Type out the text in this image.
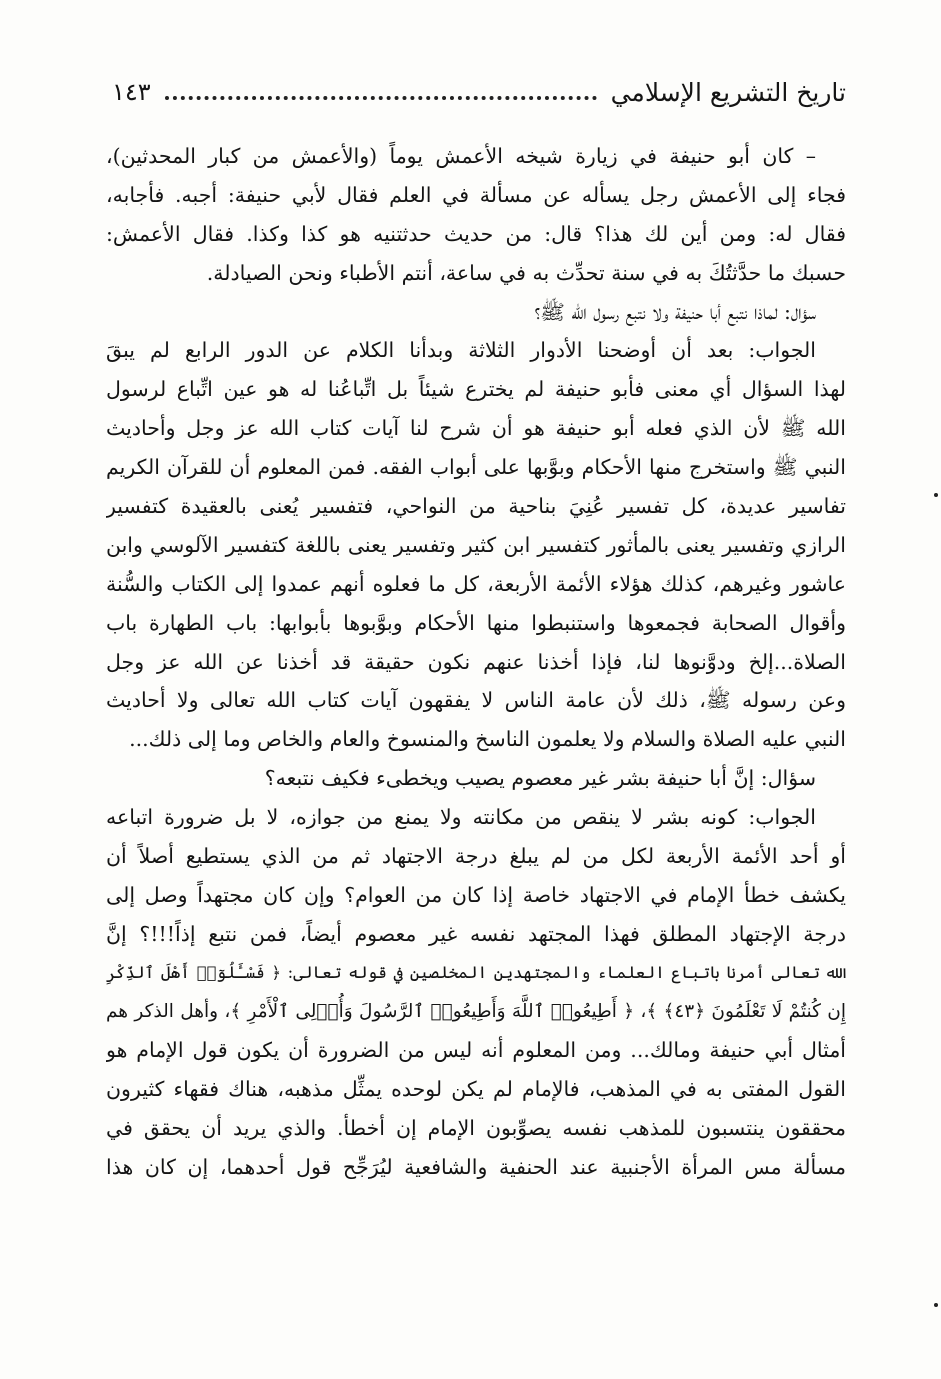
تاريخ التشريع الإسلامي
١٤٣
– كان أبو حنيفة في زيارة شيخه الأعمش يوماً (والأعمش من كبار المحدثين)،
فجاء إلى الأعمش رجل يسأله عن مسألة في العلم فقال لأبي حنيفة: أجبه. فأجابه،
فقال له: ومن أين لك هذا؟ قال: من حديث حدثتنيه هو كذا وكذا. فقال الأعمش:
حسبك ما حدَّثتُكَ به في سنة تحدِّث به في ساعة، أنتم الأطباء ونحن الصيادلة.
سؤال: لماذا نتبع أبا حنيفة ولا نتبع رسول الله ﷺ؟
الجواب: بعد أن أوضحنا الأدوار الثلاثة وبدأنا الكلام عن الدور الرابع لم يبقَ
لهذا السؤال أي معنى فأبو حنيفة لم يخترع شيئاً بل اتِّباعُنا له هو عين اتِّباع لرسول
الله ﷺ لأن الذي فعله أبو حنيفة هو أن شرح لنا آيات كتاب الله عز وجل وأحاديث
النبي ﷺ واستخرج منها الأحكام وبوَّبها على أبواب الفقه. فمن المعلوم أن للقرآن الكريم
تفاسير عديدة، كل تفسير عُنِيَ بناحية من النواحي، فتفسير يُعنى بالعقيدة كتفسير
الرازي وتفسير يعنى بالمأثور كتفسير ابن كثير وتفسير يعنى باللغة كتفسير الآلوسي وابن
عاشور وغيرهم، كذلك هؤلاء الأئمة الأربعة، كل ما فعلوه أنهم عمدوا إلى الكتاب والسُّنة
وأقوال الصحابة فجمعوها واستنبطوا منها الأحكام وبوَّبوها بأبوابها: باب الطهارة باب
الصلاة...إلخ ودوَّنوها لنا، فإذا أخذنا عنهم نكون حقيقة قد أخذنا عن الله عز وجل
وعن رسوله ﷺ، ذلك لأن عامة الناس لا يفقهون آيات كتاب الله تعالى ولا أحاديث
النبي عليه الصلاة والسلام ولا يعلمون الناسخ والمنسوخ والعام والخاص وما إلى ذلك...
سؤال: إنَّ أبا حنيفة بشر غير معصوم يصيب ويخطىء فكيف نتبعه؟
الجواب: كونه بشر لا ينقص من مكانته ولا يمنع من جوازه، لا بل ضرورة اتباعه
أو أحد الأئمة الأربعة لكل من لم يبلغ درجة الاجتهاد ثم من الذي يستطيع أصلاً أن
يكشف خطأ الإمام في الاجتهاد خاصة إذا كان من العوام؟ وإن كان مجتهداً وصل إلى
درجة الإجتهاد المطلق فهذا المجتهد نفسه غير معصوم أيضاً، فمن نتبع إذاً!!!؟ إنَّ
الله تعالى أمرنا باتباع العلماء والمجتهدين المخلصين في قوله تعالى: ﴿ فَسْـَٔلُوٓا۟ أَهْلَ ٱلذِّكْرِ
إِن كُنتُمْ لَا تَعْلَمُونَ ﴿٤٣﴾ ﴾، ﴿ أَطِيعُوا۟ ٱللَّهَ وَأَطِيعُوا۟ ٱلرَّسُولَ وَأُو۟لِى ٱلْأَمْرِ ﴾، وأهل الذكر هم
أمثال أبي حنيفة ومالك... ومن المعلوم أنه ليس من الضرورة أن يكون قول الإمام هو
القول المفتى به في المذهب، فالإمام لم يكن لوحده يمثِّل مذهبه، هناك فقهاء كثيرون
محققون ينتسبون للمذهب نفسه يصوِّبون الإمام إن أخطأ. والذي يريد أن يحقق في
مسألة مس المرأة الأجنبية عند الحنفية والشافعية ليُرَجِّح قول أحدهما، إن كان هذا
